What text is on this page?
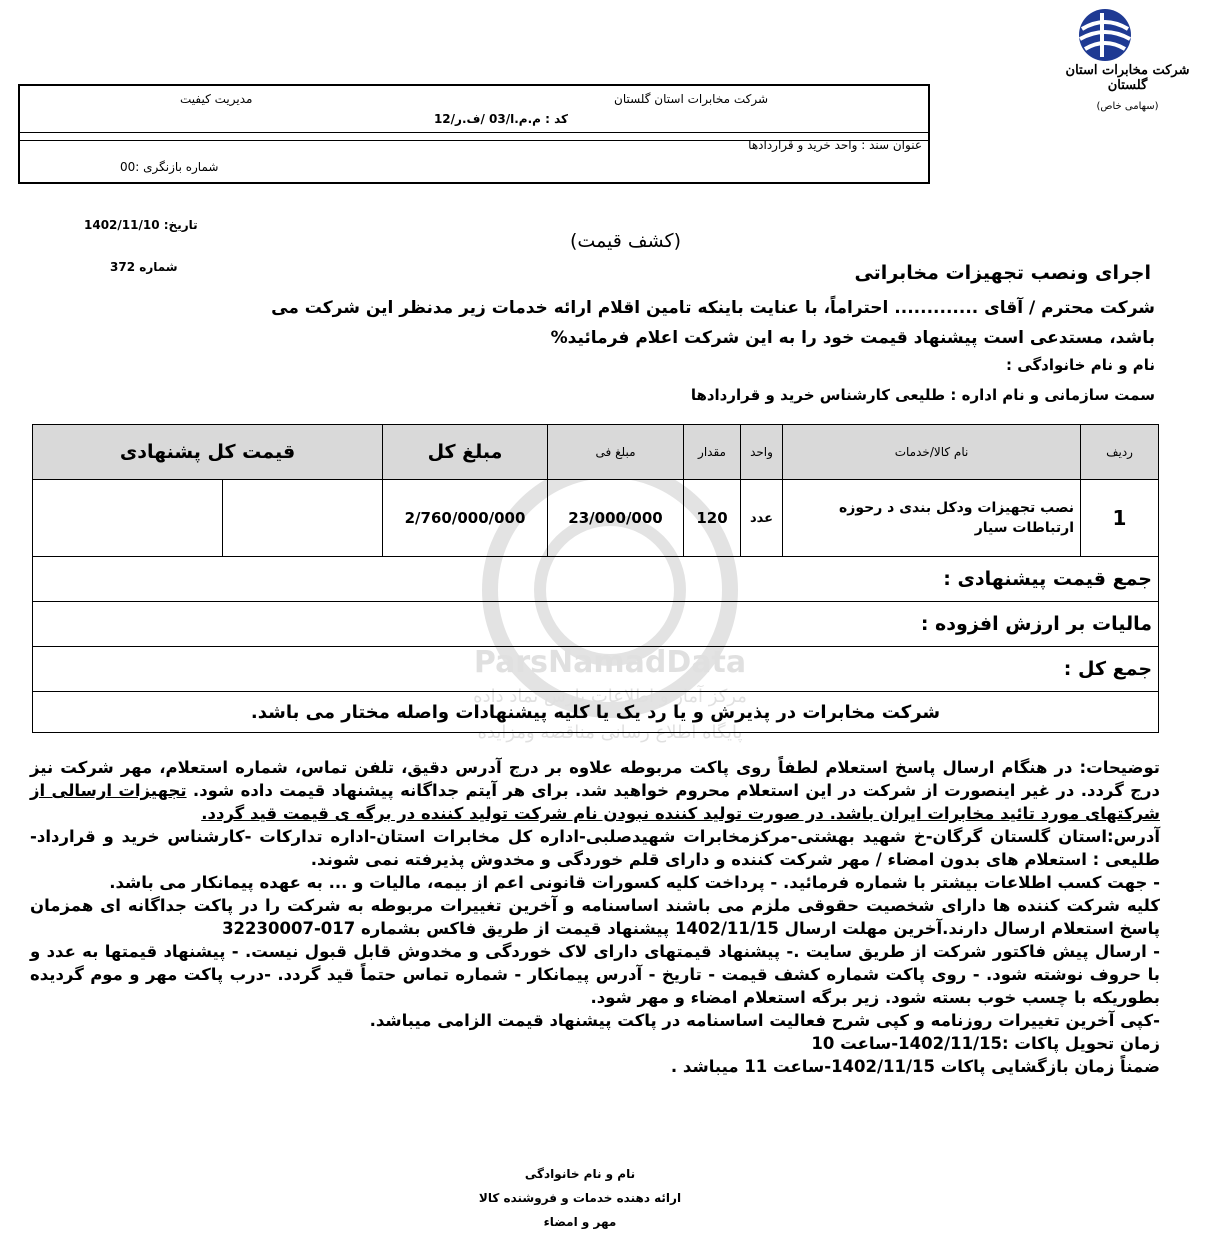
شرکت مخابرات استان گلستان
(سهامی خاص)
شرکت مخابرات استان گلستان
مدیریت کیفیت
کد : م.م.ا/03 /ف.ر/12
عنوان سند : واحد خرید و قراردادها
شماره بازنگری :00
تاریخ: 1402/11/10
شماره 372
(کشف قیمت)
اجرای ونصب تجهیزات مخابراتی
شرکت محترم / آقای ............. احتراماً، با عنایت باینکه تامین اقلام ارائه خدمات زیر مدنظر این شرکت می
باشد، مستدعی است پیشنهاد قیمت خود را به این شرکت اعلام فرمائید%
نام و نام خانوادگی :
سمت سازمانی و نام اداره : طلیعی کارشناس خرید و قراردادها
ParsNamadData
مرکز آمار و اطلاعات پارس نماد داده
پایگاه اطلاع رسانی مناقصه ومزایده
قیمت کل پشنهادی		مبلغ کل	مبلغ فی	مقدار	واحد	نام کالا/خدمات	ردیف
		2/760/000/000	23/000/000	120	عدد	نصب تجهیزات ودکل بندی د رحوزه ارتباطات سیار	1
جمع قیمت پیشنهادی :							
مالیات بر ارزش افزوده :							
جمع کل :							
شرکت مخابرات در پذیرش و یا رد یک یا کلیه پیشنهادات واصله مختار می باشد.							
توضیحات: در هنگام ارسال پاسخ استعلام لطفاً روی پاکت مربوطه علاوه بر درج آدرس دقیق، تلفن تماس، شماره استعلام، مهر شرکت نیز درج گردد. در غیر اینصورت از شرکت در این استعلام محروم خواهید شد. برای هر آیتم جداگانه پیشنهاد قیمت داده شود. تجهیزات ارسالی از شرکتهای مورد تائید مخابرات ایران باشد. در صورت تولید کننده نبودن نام شرکت تولید کننده در برگه ی قیمت قید گردد.
آدرس:استان گلستان گرگان-خ شهید بهشتی-مرکزمخابرات شهیدصلبی-اداره کل مخابرات استان-اداره تدارکات -کارشناس خرید و قرارداد-طلیعی : استعلام های بدون امضاء / مهر شرکت کننده و دارای قلم خوردگی و مخدوش پذیرفته نمی شوند.
- جهت کسب اطلاعات بیشتر با شماره فرمائید. - پرداخت کلیه کسورات قانونی اعم از بیمه، مالیات و ... به عهده پیمانکار می باشد.
کلیه شرکت کننده ها دارای شخصیت حقوقی ملزم می باشند اساسنامه و آخرین تغییرات مربوطه به شرکت را در پاکت جداگانه ای همزمان پاسخ استعلام ارسال دارند.آخرین مهلت ارسال 1402/11/15 پیشنهاد قیمت از طریق فاکس بشماره 017-32230007
- ارسال پیش فاکتور شرکت از طریق سایت .- پیشنهاد قیمتهای دارای لاک خوردگی و مخدوش قابل قبول نیست. - پیشنهاد قیمتها به عدد و با حروف نوشته شود. - روی پاکت شماره کشف قیمت - تاریخ - آدرس پیمانکار - شماره تماس حتماً قید گردد. -درب پاکت مهر و موم گردیده بطوریکه با چسب خوب بسته شود. زیر برگه استعلام امضاء و مهر شود.
-کپی آخرین تغییرات روزنامه و کپی شرح فعالیت اساسنامه در پاکت پیشنهاد قیمت الزامی میباشد.
زمان تحویل پاکات :1402/11/15-ساعت 10
ضمناً زمان بازگشایی پاکات 1402/11/15-ساعت 11 میباشد .
نام و نام خانوادگی
ارائه دهنده خدمات و فروشنده کالا
مهر و امضاء
